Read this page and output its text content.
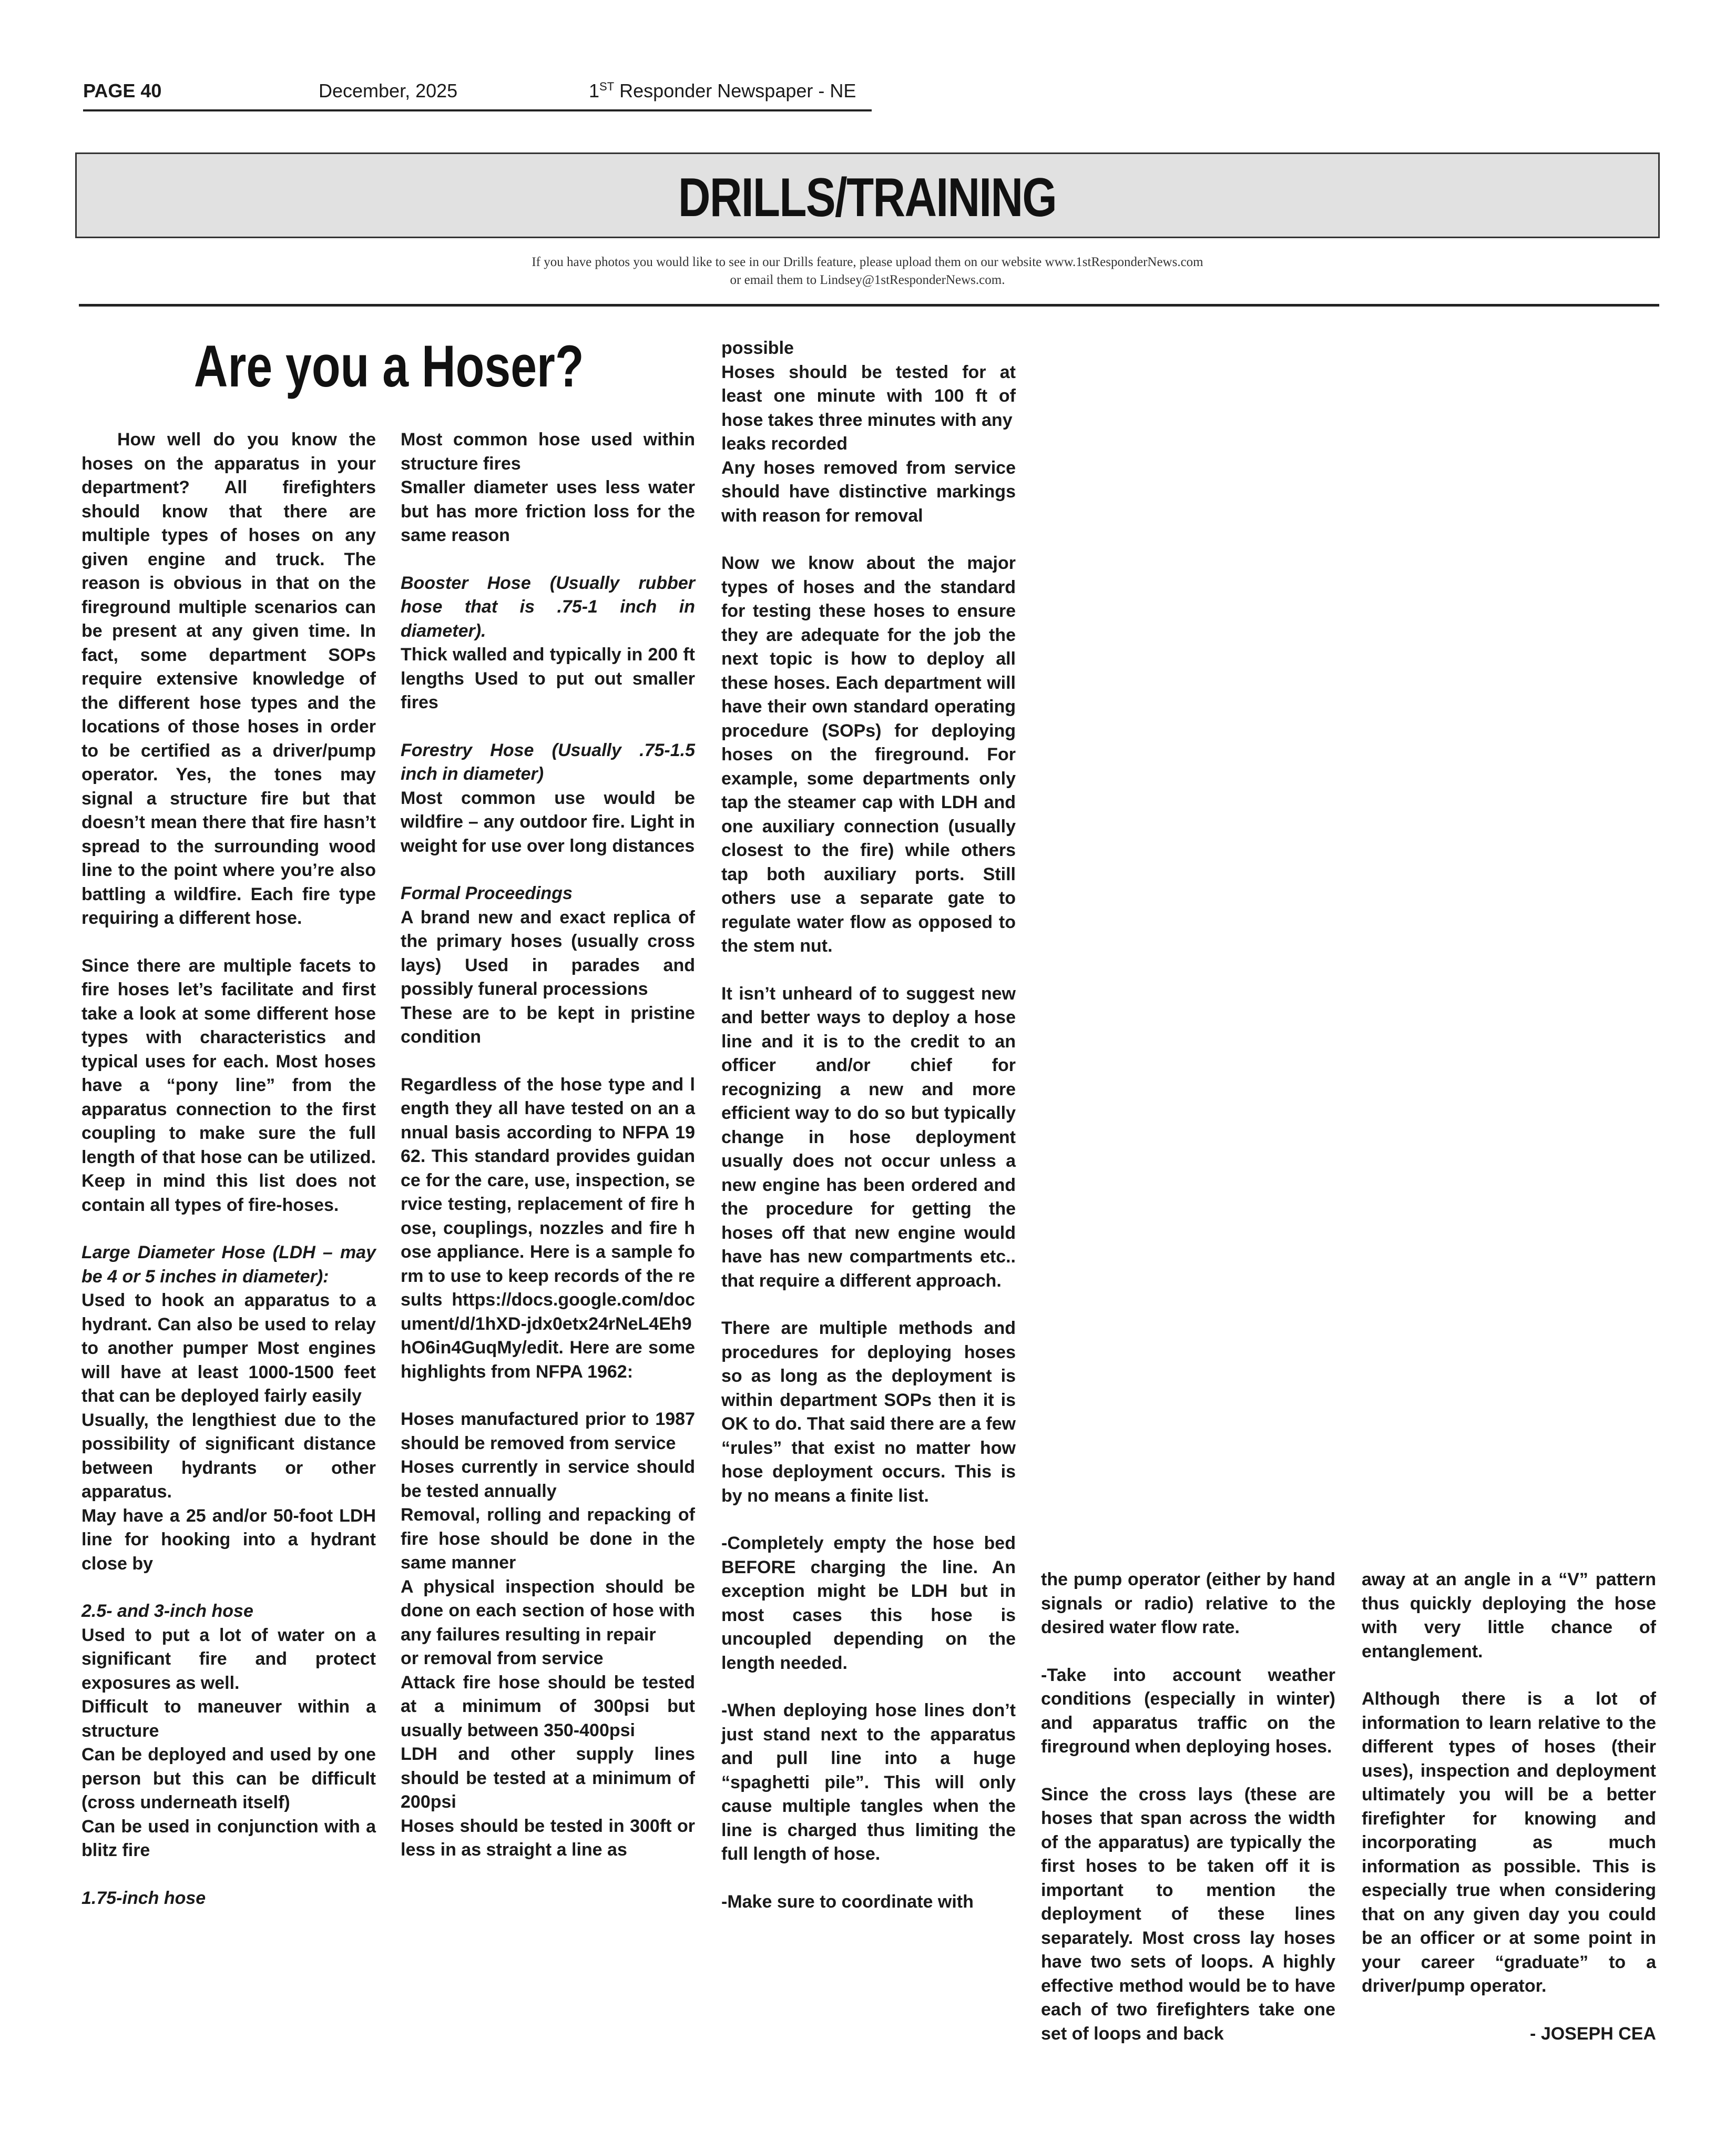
PAGE 40	December, 2025	1ST Responder Newspaper - NE
DRILLS/TRAINING
If you have photos you would like to see in our Drills feature, please upload them on our website www.1stResponderNews.com
or email them to Lindsey@1stResponderNews.com.
Are you a Hoser?

How well do you know the hoses on the apparatus in your department? All firefighters should know that there are multiple types of hoses on any given engine and truck. The reason is obvious in that on the fireground multiple scenarios can be present at any given time. In fact, some department SOPs require extensive knowledge of the different hose types and the locations of those hoses in order to be certified as a driver/pump operator. Yes, the tones may signal a structure fire but that doesn’t mean there that fire hasn’t spread to the surrounding wood line to the point where you’re also battling a wildfire. Each fire type requiring a different hose.

Since there are multiple facets to fire hoses let’s facilitate and first take a look at some different hose types with characteristics and typical uses for each. Most hoses have a “pony line” from the apparatus connection to the first coupling to make sure the full length of that hose can be utilized. Keep in mind this list does not contain all types of fire-hoses.

Large Diameter Hose (LDH – may be 4 or 5 inches in diameter):

Used to hook an apparatus to a hydrant. Can also be used to relay to another pumper Most engines will have at least 1000-1500 feet that can be deployed fairly easily

Usually, the lengthiest due to the possibility of significant distance between hydrants or other apparatus.

May have a 25 and/or 50-foot LDH line for hooking into a hydrant close by

2.5- and 3-inch hose

Used to put a lot of water on a significant fire and protect exposures as well.

Difficult to maneuver within a structure

Can be deployed and used by one person but this can be difficult (cross underneath itself)

Can be used in conjunction with a blitz fire

1.75-inch hose

Most common hose used within structure fires

Smaller diameter uses less water but has more friction loss for the same reason

Booster Hose (Usually rubber hose that is .75-1 inch in diameter).

Thick walled and typically in 200 ft lengths Used to put out smaller fires

Forestry Hose (Usually .75-1.5 inch in diameter)

Most common use would be wildfire – any outdoor fire. Light in weight for use over long distances

Formal Proceedings

A brand new and exact replica of the primary hoses (usually cross lays) Used in parades and possibly funeral processions

These are to be kept in pristine condition

Regardless of the hose type and length they all have tested on an annual basis according to NFPA 1962. This standard provides guidance for the care, use, inspection, service testing, replacement of fire hose, couplings, nozzles and fire hose appliance. Here is a sample form to use to keep records of the results https://docs.google.com/document/d/1hXD-jdx0etx24rNeL4Eh9hO6in4GuqMy/edit. Here are some highlights from NFPA 1962:

Hoses manufactured prior to 1987 should be removed from service

Hoses currently in service should be tested annually

Removal, rolling and repacking of fire hose should be done in the same manner

A physical inspection should be done on each section of hose with any failures resulting in repair

or removal from service

Attack fire hose should be tested at a minimum of 300psi but usually between 350-400psi

LDH and other supply lines should be tested at a minimum of 200psi

Hoses should be tested in 300ft or less in as straight a line as

possible

Hoses should be tested for at least one minute with 100 ft of hose takes three minutes with any

leaks recorded

Any hoses removed from service should have distinctive markings with reason for removal

Now we know about the major types of hoses and the standard for testing these hoses to ensure they are adequate for the job the next topic is how to deploy all these hoses. Each department will have their own standard operating procedure (SOPs) for deploying hoses on the fireground. For example, some departments only tap the steamer cap with LDH and one auxiliary connection (usually closest to the fire) while others tap both auxiliary ports. Still others use a separate gate to regulate water flow as opposed to the stem nut.

It isn’t unheard of to suggest new and better ways to deploy a hose line and it is to the credit to an officer and/or chief for recognizing a new and more efficient way to do so but typically change in hose deployment usually does not occur unless a new engine has been ordered and the procedure for getting the hoses off that new engine would have has new compartments etc.. that require a different approach.

There are multiple methods and procedures for deploying hoses so as long as the deployment is within department SOPs then it is OK to do. That said there are a few “rules” that exist no matter how hose deployment occurs. This is by no means a finite list.

-Completely empty the hose bed BEFORE charging the line. An exception might be LDH but in most cases this hose is uncoupled depending on the length needed.

-When deploying hose lines don’t just stand next to the apparatus and pull line into a huge “spaghetti pile”. This will only cause multiple tangles when the line is charged thus limiting the full length of hose.

-Make sure to coordinate with

the pump operator (either by hand signals or radio) relative to the desired water flow rate.

-Take into account weather conditions (especially in winter) and apparatus traffic on the fireground when deploying hoses.

Since the cross lays (these are hoses that span across the width of the apparatus) are typically the first hoses to be taken off it is important to mention the deployment of these lines separately. Most cross lay hoses have two sets of loops. A highly effective method would be to have each of two firefighters take one set of loops and back

away at an angle in a “V” pattern thus quickly deploying the hose with very little chance of entanglement.

Although there is a lot of information to learn relative to the different types of hoses (their uses), inspection and deployment ultimately you will be a better firefighter for knowing and incorporating as much information as possible. This is especially true when considering that on any given day you could be an officer or at some point in your career “graduate” to a driver/pump operator.

- JOSEPH CEA
